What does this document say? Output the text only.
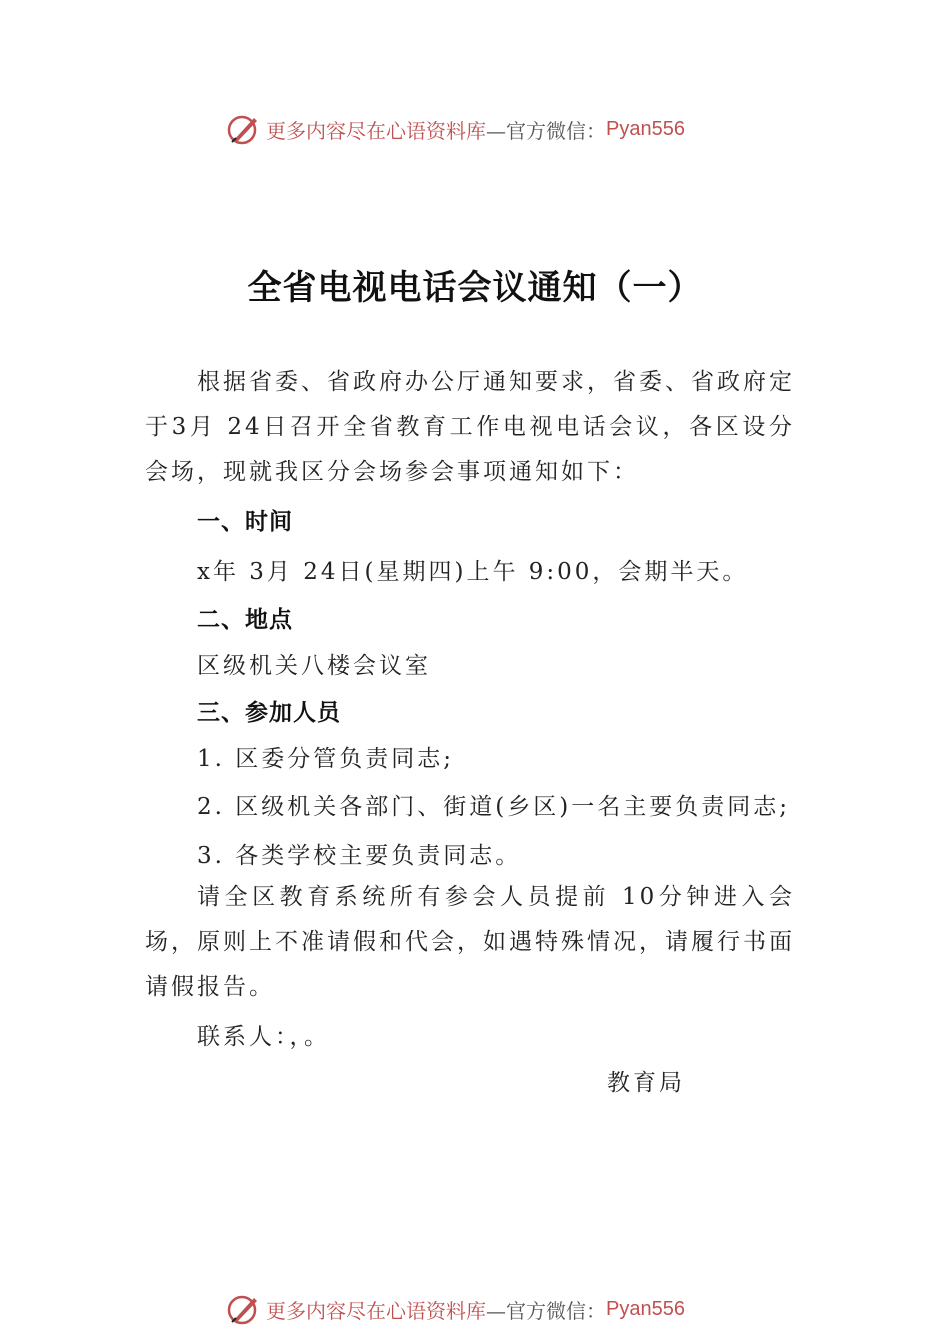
更多内容尽在心语资料库 —官方微信： Pyan556
全省电视电话会议通知（一）
根据省委、省政府办公厅通知要求，省委、省政府定于3月 24日召开全省教育工作电视电话会议，各区设分会场，现就我区分会场参会事项通知如下：
一、时间
x年 3月 24日(星期四)上午 9:00，会期半天。
二、地点
区级机关八楼会议室
三、参加人员
1. 区委分管负责同志;
2. 区级机关各部门、街道(乡区)一名主要负责同志;
3. 各类学校主要负责同志。
请全区教育系统所有参会人员提前 10分钟进入会场，原则上不准请假和代会，如遇特殊情况，请履行书面请假报告。
联系人：，。
教育局
更多内容尽在心语资料库 —官方微信： Pyan556
